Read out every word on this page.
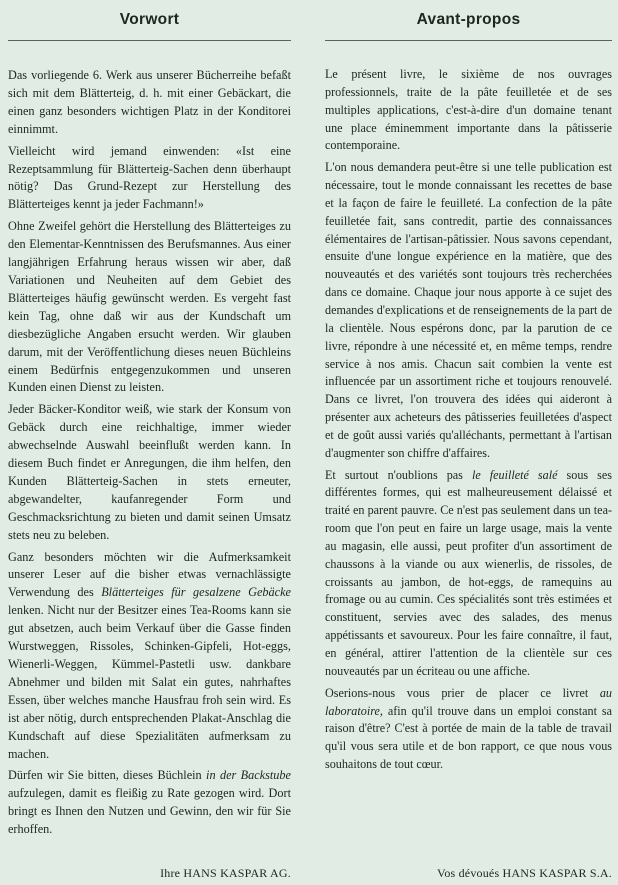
Vorwort

Das vorliegende 6. Werk aus unserer Bücherreihe befaßt sich mit dem Blätterteig, d. h. mit einer Gebäckart, die einen ganz besonders wichtigen Platz in der Konditorei einnimmt.

Vielleicht wird jemand einwenden: «Ist eine Rezeptsammlung für Blätterteig-Sachen denn überhaupt nötig? Das Grund-Rezept zur Herstellung des Blätterteiges kennt ja jeder Fachmann!»

Ohne Zweifel gehört die Herstellung des Blätterteiges zu den Elementar-Kenntnissen des Berufsmannes. Aus einer langjährigen Erfahrung heraus wissen wir aber, daß Variationen und Neuheiten auf dem Gebiet des Blätterteiges häufig gewünscht werden. Es vergeht fast kein Tag, ohne daß wir aus der Kundschaft um diesbezügliche Angaben ersucht werden. Wir glauben darum, mit der Veröffentlichung dieses neuen Büchleins einem Bedürfnis entgegenzukommen und unseren Kunden einen Dienst zu leisten.

Jeder Bäcker-Konditor weiß, wie stark der Konsum von Gebäck durch eine reichhaltige, immer wieder abwechselnde Auswahl beeinflußt werden kann. In diesem Buch findet er Anregungen, die ihm helfen, den Kunden Blätterteig-Sachen in stets erneuter, abgewandelter, kaufanregender Form und Geschmacksrichtung zu bieten und damit seinen Umsatz stets neu zu beleben.

Ganz besonders möchten wir die Aufmerksamkeit unserer Leser auf die bisher etwas vernachlässigte Verwendung des Blätterteiges für gesalzene Gebäcke lenken. Nicht nur der Besitzer eines Tea-Rooms kann sie gut absetzen, auch beim Verkauf über die Gasse finden Wurstweggen, Rissoles, Schinken-Gipfeli, Hot-eggs, Wienerli-Weggen, Kümmel-Pastetli usw. dankbare Abnehmer und bilden mit Salat ein gutes, nahrhaftes Essen, über welches manche Hausfrau froh sein wird. Es ist aber nötig, durch entsprechenden Plakat-Anschlag die Kundschaft auf diese Spezialitäten aufmerksam zu machen.

Dürfen wir Sie bitten, dieses Büchlein in der Backstube aufzulegen, damit es fleißig zu Rate gezogen wird. Dort bringt es Ihnen den Nutzen und Gewinn, den wir für Sie erhoffen.

Ihre HANS KASPAR AG.
Avant-propos

Le présent livre, le sixième de nos ouvrages professionnels, traite de la pâte feuilletée et de ses multiples applications, c'est-à-dire d'un domaine tenant une place éminemment importante dans la pâtisserie contemporaine.

L'on nous demandera peut-être si une telle publication est nécessaire, tout le monde connaissant les recettes de base et la façon de faire le feuilleté. La confection de la pâte feuilletée fait, sans contredit, partie des connaissances élémentaires de l'artisan-pâtissier. Nous savons cependant, ensuite d'une longue expérience en la matière, que des nouveautés et des variétés sont toujours très recherchées dans ce domaine. Chaque jour nous apporte à ce sujet des demandes d'explications et de renseignements de la part de la clientèle. Nous espérons donc, par la parution de ce livre, répondre à une nécessité et, en même temps, rendre service à nos amis. Chacun sait combien la vente est influencée par un assortiment riche et toujours renouvelé. Dans ce livret, l'on trouvera des idées qui aideront à présenter aux acheteurs des pâtisseries feuilletées d'aspect et de goût aussi variés qu'alléchants, permettant à l'artisan d'augmenter son chiffre d'affaires.

Et surtout n'oublions pas le feuilleté salé sous ses différentes formes, qui est malheureusement délaissé et traité en parent pauvre. Ce n'est pas seulement dans un tea-room que l'on peut en faire un large usage, mais la vente au magasin, elle aussi, peut profiter d'un assortiment de chaussons à la viande ou aux wienerlis, de rissoles, de croissants au jambon, de hot-eggs, de ramequins au fromage ou au cumin. Ces spécialités sont très estimées et constituent, servies avec des salades, des menus appétissants et savoureux. Pour les faire connaître, il faut, en général, attirer l'attention de la clientèle sur ces nouveautés par un écriteau ou une affiche.

Oserions-nous vous prier de placer ce livret au laboratoire, afin qu'il trouve dans un emploi constant sa raison d'être? C'est à portée de main de la table de travail qu'il vous sera utile et de bon rapport, ce que nous vous souhaitons de tout cœur.

Vos dévoués HANS KASPAR S.A.
